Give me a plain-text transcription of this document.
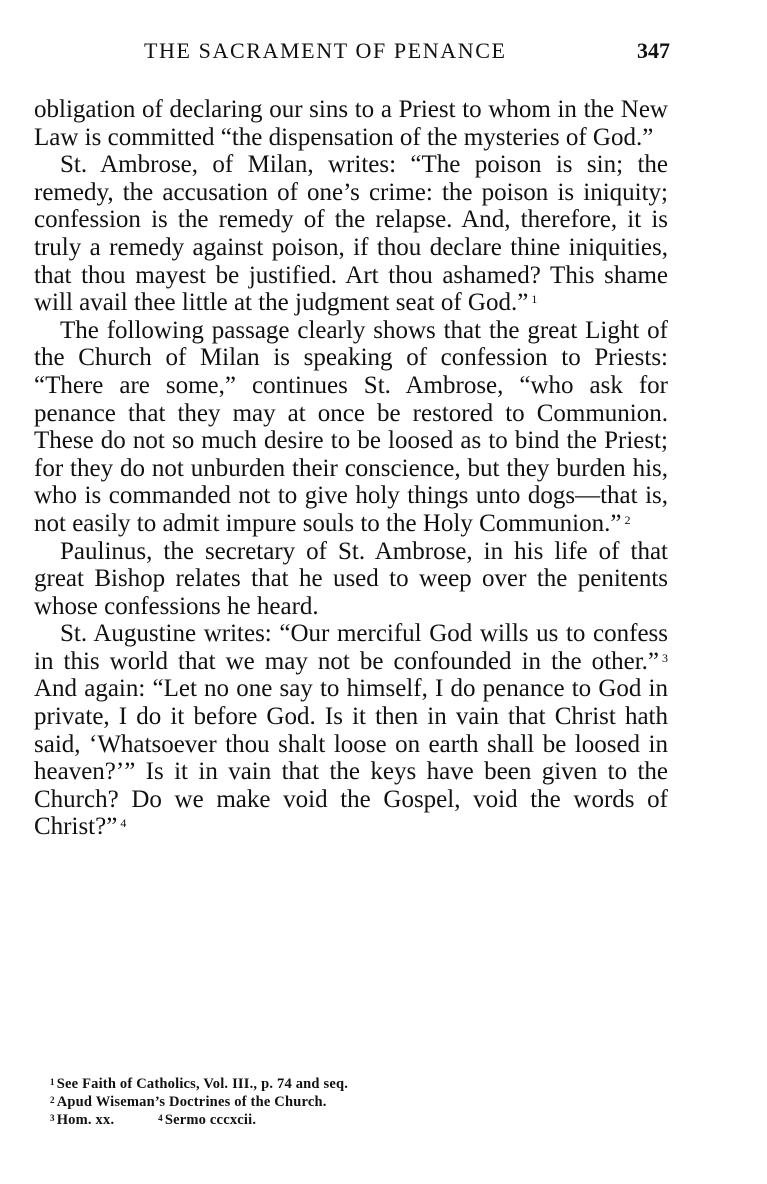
THE SACRAMENT OF PENANCE	347

obligation of declaring our sins to a Priest to whom in the New Law is committed “the dispensation of the mysteries of God.”

St. Ambrose, of Milan, writes: “The poison is sin; the remedy, the accusation of one’s crime: the poison is iniquity; confession is the remedy of the relapse. And, therefore, it is truly a remedy against poison, if thou declare thine iniquities, that thou mayest be justified. Art thou ashamed? This shame will avail thee little at the judgment seat of God.” $^1$

The following passage clearly shows that the great Light of the Church of Milan is speaking of confession to Priests: “There are some,” continues St. Ambrose, “who ask for penance that they may at once be restored to Communion. These do not so much desire to be loosed as to bind the Priest; for they do not unburden their conscience, but they burden his, who is commanded not to give holy things unto dogs—that is, not easily to admit impure souls to the Holy Communion.” $^2$

Paulinus, the secretary of St. Ambrose, in his life of that great Bishop relates that he used to weep over the penitents whose confessions he heard.

St. Augustine writes: “Our merciful God wills us to confess in this world that we may not be confounded in the other.” $^3$ And again: “Let no one say to himself, I do penance to God in private, I do it before God. Is it then in vain that Christ hath said, ‘Whatsoever thou shalt loose on earth shall be loosed in heaven?’” Is it in vain that the keys have been given to the Church? Do we make void the Gospel, void the words of Christ?” $^4$

$^1$ See Faith of Catholics, Vol. III., p. 74 and seq.
$^2$ Apud Wiseman’s Doctrines of the Church.
$^3$ Hom. xx.	$^4$ Sermo cccxcii.
